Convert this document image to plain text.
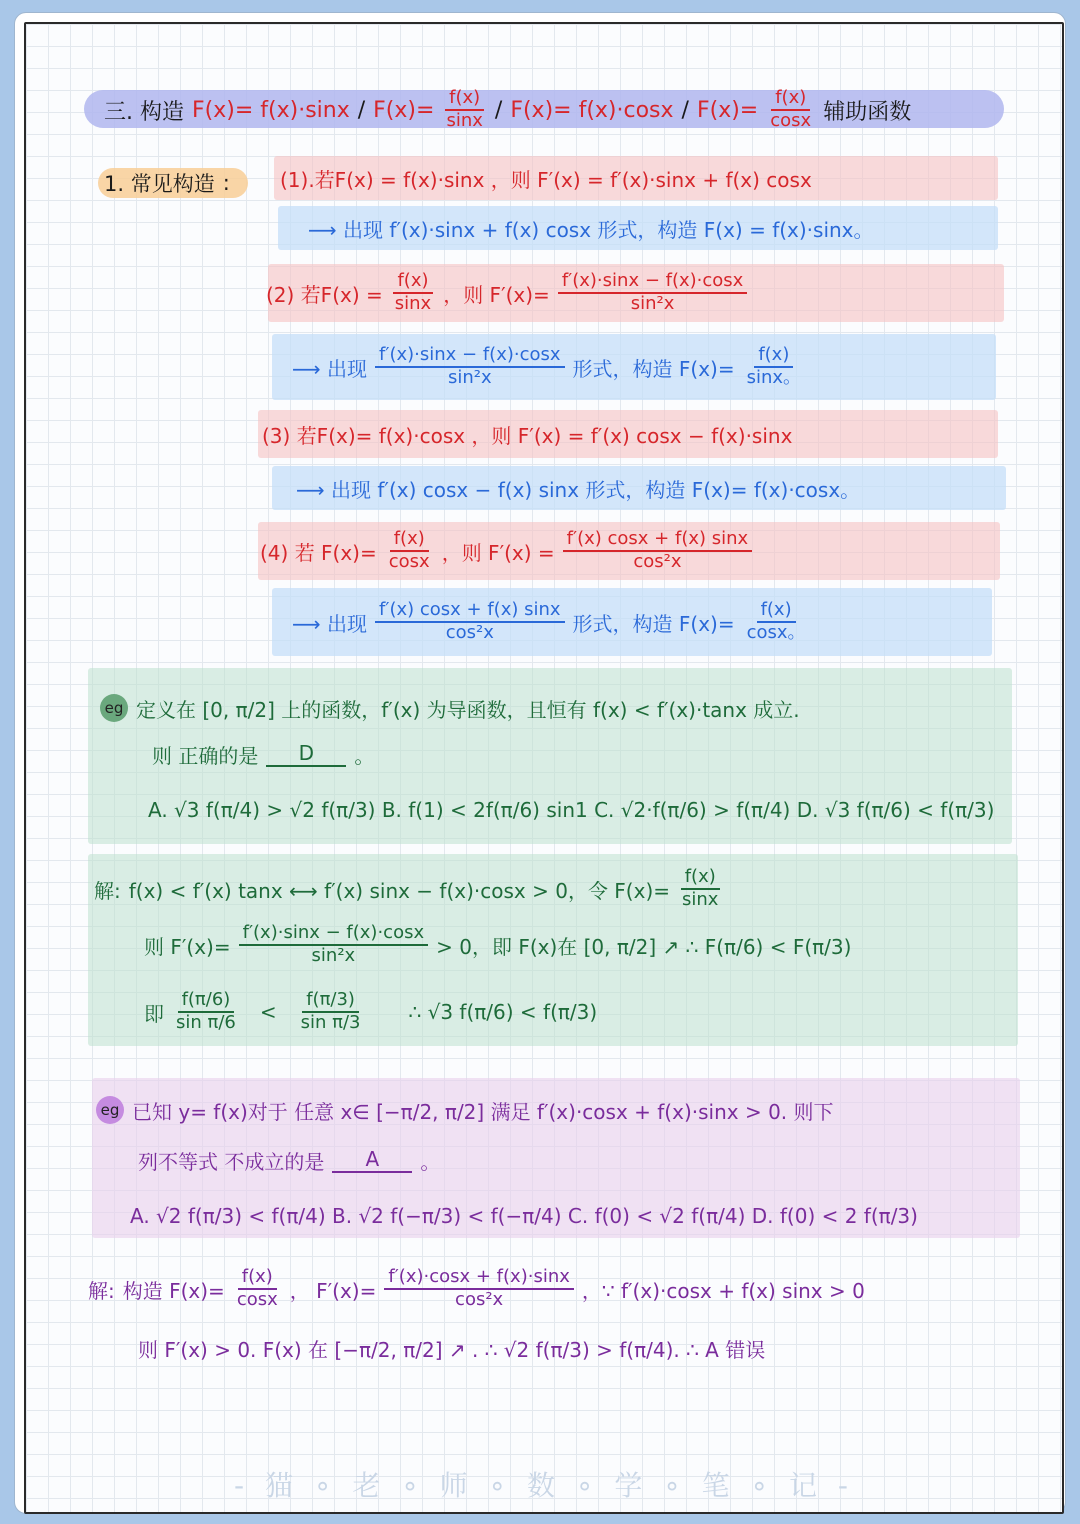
三. 构造 $F(x)= f(x)\cdot\sin x / F(x)= \frac{f(x)}{\sin x} / F(x)= f(x)\cdot\cos x / F(x)= \frac{f(x)}{\cos x}$ 辅助函数
1. 常见构造 :	(1).若F(x) = f(x)·sinx ，则 F′(x) = f′(x)·sinx + f(x) cosx
⟶ 出现 f′(x)·sinx + f(x) cosx 形式，构造 F(x) = f(x)·sinx。
(2) 若$F(x) = \frac{f(x)}{\sin x}$ ，则 $F'(x)= \frac{f'(x)\cdot\sin x - f(x)\cdot\cos x}{\text{sin²x}}$
⟶ 出现 $\frac{f'(x)\cdot\sin x - f(x)\cdot\cos x}{\text{sin²x}}$ 形式，构造 $F(x)= \frac{f(x)}{\sin x。}$
(3) 若F(x)= f(x)·cosx ，则 F′(x) = f′(x) cosx − f(x)·sinx
⟶ 出现 f′(x) cosx − f(x) sinx 形式，构造 F(x)= f(x)·cosx。
(4) 若 $F(x)= \frac{f(x)}{\cos x}$ ，则 $F'(x) = \frac{f'(x) \cos x + f(x) \sin x}{\text{cos²x}}$
⟶ 出现 $\frac{f'(x) \cos x + f(x) \sin x}{\text{cos²x}}$ 形式，构造 $F(x)= \frac{f(x)}{\cos x。}$
eg 定义在 [0, π/2] 上的函数，f′(x) 为导函数，且恒有 f(x) < f′(x)·tanx 成立.
则 正确的是	D	。
A. √3 f(π/4) > √2 f(π/3) B. f(1) < 2f(π/6) sin1 C. √2·f(π/6) > f(π/4) D. √3 f(π/6) < f(π/3)
解: f(x) < f′(x) tanx ⟷ f′(x) sinx − f(x)·cosx > 0，令 $F(x)= \frac{f(x)}{\sin x}$
则 $F'(x)= \frac{f'(x)\cdot\sin x - f(x)\cdot\cos x}{\text{sin²x}} > 0$，即 F(x)在 [0, π/2] ↗ ∴ F(π/6) < F(π/3)
即 $\frac{f(\pi/6)}{\text{sin π/6}} < \frac{f(\pi/3)}{\text{sin π/3}}$ ∴ √3 f(π/6) < f(π/3)
eg 已知 y= f(x)对于 任意 x∈ [−π/2, π/2] 满足 f′(x)·cosx + f(x)·sinx > 0. 则下
列不等式 不成立的是	A	。
A. √2 f(π/3) < f(π/4) B. √2 f(−π/3) < f(−π/4) C. f(0) < √2 f(π/4) D. f(0) < 2 f(π/3)
解: 构造 $F(x)= \frac{f(x)}{\cos x}$ ， $F'(x)= \frac{f'(x)\cdot\cos x + f(x)\cdot\sin x}{\text{cos²x}}$ ，∵ f′(x)·cosx + f(x) sinx > 0
则 F′(x) > 0. F(x) 在 [−π/2, π/2] ↗ . ∴ √2 f(π/3) > f(π/4). ∴ A 错误
- 猫 ∘ 老 ∘ 师 ∘ 数 ∘ 学 ∘ 笔 ∘ 记 -
